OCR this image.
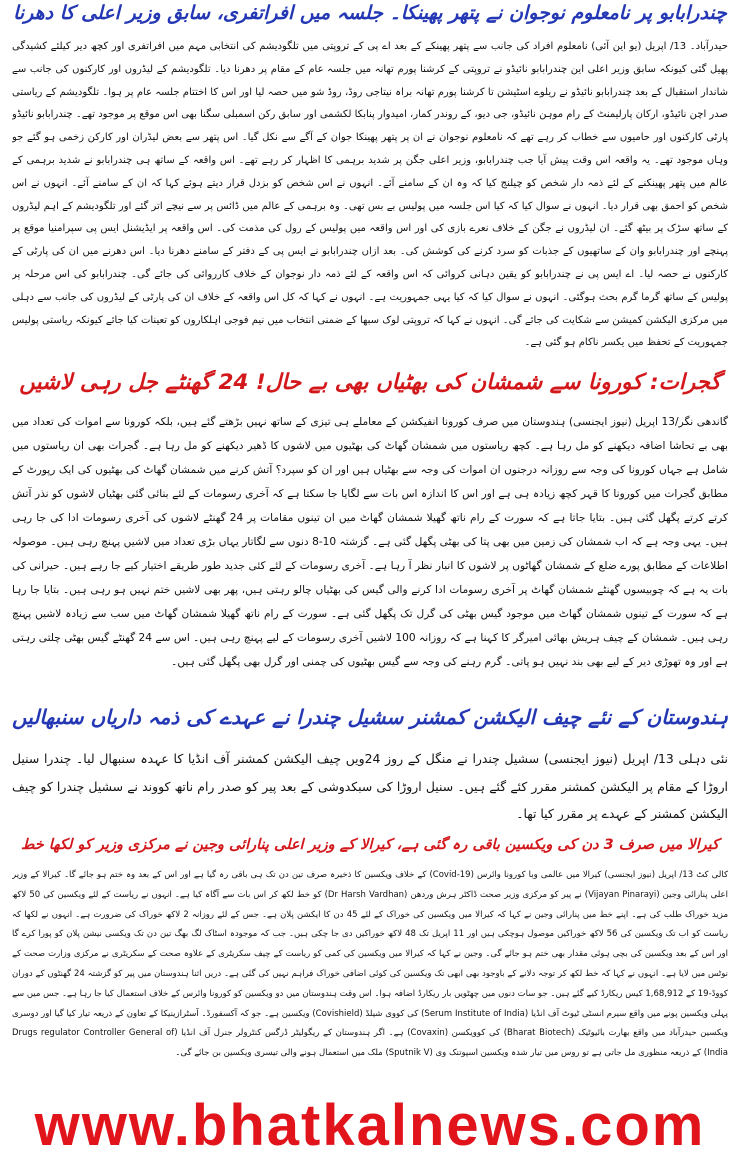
چندرابابو پر نامعلوم نوجوان نے پتھر پھینکا۔ جلسہ میں افراتفری، سابق وزیر اعلی کا دھرنا

حیدرآباد۔ 13/ اپریل (یو این آئی) نامعلوم افراد کی جانب سے پتھر پھینکے کے بعد اے پی کے تروپتی میں تلگودیشم کی انتخابی مہم میں افراتفری اور کچھ دیر کیلئے کشیدگی پھیل گئی کیونکہ سابق وزیر اعلی این چندرابابو نائیڈو نے تروپتی کے کرشنا پورم تھانہ میں جلسہ عام کے مقام پر دھرنا دیا۔ تلگودیشم کے لیڈروں اور کارکنوں کی جانب سے شاندار استقبال کے بعد چندرابابو نائیڈو نے ریلوے اسٹیشن تا کرشنا پورم تھانہ براہ نیتاجی روڈ، روڈ شو میں حصہ لیا اور اس کا اختتام جلسہ عام پر ہوا۔ تلگودیشم کے ریاستی صدر اچن نائیڈو، ارکان پارلیمنٹ کے رام موہن نائیڈو، جی دیو، کے روندر کمار، امیدوار پنابکا لکشمی اور سابق رکن اسمبلی سگنا بھی اس موقع پر موجود تھے۔ چندرابابو نائیڈو پارٹی کارکنوں اور حامیوں سے خطاب کر رہے تھے کہ نامعلوم نوجوان نے ان پر پتھر پھینکا جوان کے آگے سے نکل گیا۔ اس پتھر سے بعض لیڈران اور کارکن زخمی ہو گئے جو وہاں موجود تھے۔ یہ واقعہ اس وقت پیش آیا جب چندرابابو، وزیر اعلی جگن پر شدید برہمی کا اظہار کر رہے تھے۔ اس واقعہ کے ساتھ ہی چندرابابو نے شدید برہمی کے عالم میں پتھر پھینکنے کے لئے ذمہ دار شخص کو چیلنج کیا کہ وہ ان کے سامنے آئے۔ انہوں نے اس شخص کو بزدل قرار دیتے ہوئے کہا کہ ان کے سامنے آئے۔ انہوں نے اس شخص کو احمق بھی قرار دیا۔ انہوں نے سوال کیا کہ کیا اس جلسہ میں پولیس بے بس تھی۔ وہ برہمی کے عالم میں ڈائس پر سے نیچے اتر گئے اور تلگودیشم کے اہم لیڈروں کے ساتھ سڑک پر بیٹھ گئے۔ ان لیڈروں نے جگن کے خلاف نعرے بازی کی اور اس واقعہ میں پولیس کے رول کی مذمت کی۔ اس واقعہ پر ایڈیشنل ایس پی سپرامنیا موقع پر پہنچے اور چندرابابو وان کے ساتھیوں کے جذبات کو سرد کرنے کی کوشش کی۔ بعد ازاں چندرابابو نے ایس پی کے دفتر کے سامنے دھرنا دیا۔ اس دھرنے میں ان کی پارٹی کے کارکنوں نے حصہ لیا۔ اے ایس پی نے چندرابابو کو یقین دہانی کروائی کہ اس واقعہ کے لئے ذمہ دار نوجوان کے خلاف کارروائی کی جائے گی۔ چندرابابو کی اس مرحلہ پر پولیس کے ساتھ گرما گرم بحث ہوگئی۔ انہوں نے سوال کیا کہ کیا یہی جمہوریت ہے۔ انہوں نے کہا کہ کل اس واقعہ کے خلاف ان کی پارٹی کے لیڈروں کی جانب سے دہلی میں مرکزی الیکشن کمیشن سے شکایت کی جائے گی۔ انہوں نے کہا کہ تروپتی لوک سبھا کے ضمنی انتخاب میں نیم فوجی اہلکاروں کو تعینات کیا جائے کیونکہ ریاستی پولیس جمہوریت کے تحفظ میں یکسر ناکام ہو گئی ہے۔

گجرات: کورونا سے شمشان کی بھٹیاں بھی بے حال! 24 گھنٹے جل رہی لاشیں

گاندھی نگر/13 اپریل (نیوز ایجنسی) ہندوستان میں صرف کورونا انفیکشن کے معاملے ہی تیزی کے ساتھ نہیں بڑھتے گئے ہیں، بلکہ کورونا سے اموات کی تعداد میں بھی بے تحاشا اضافہ دیکھنے کو مل رہا ہے۔ کچھ ریاستوں میں شمشان گھاٹ کی بھٹیوں میں لاشوں کا ڈھیر دیکھنے کو مل رہا ہے۔ گجرات بھی ان ریاستوں میں شامل ہے جہاں کورونا کی وجہ سے روزانہ درجنوں ان اموات کی وجہ سے بھٹیاں ہیں اور ان کو سپرد؟ آتش کرنے میں شمشان گھاٹ کی بھٹیوں کی ایک رپورٹ کے مطابق گجرات میں کورونا کا قہر کچھ زیادہ ہی ہے اور اس کا اندازہ اس بات سے لگایا جا سکتا ہے کہ آخری رسومات کے لئے بنائی گئی بھٹیاں لاشوں کو نذر آتش کرتے کرتے پگھل گئی ہیں۔ بتایا جاتا ہے کہ سورت کے رام ناتھ گھیلا شمشان گھاٹ میں ان تینوں مقامات پر 24 گھنٹے لاشوں کی آخری رسومات ادا کی جا رہی ہیں۔ یہی وجہ ہے کہ اب شمشان کی زمین میں بھی پتا کی بھٹی پگھل گئی ہے۔ گزشتہ 10-8 دنوں سے لگاتار یہاں بڑی تعداد میں لاشیں پہنچ رہی ہیں۔ موصولہ اطلاعات کے مطابق پورے ضلع کے شمشان گھاٹوں پر لاشوں کا انبار نظر آ رہا ہے۔ آخری رسومات کے لئے کئی جدید طور طریقے اختیار کیے جا رہے ہیں۔ حیرانی کی بات یہ ہے کہ چوبیسوں گھنٹے شمشان گھاٹ پر آخری رسومات ادا کرنے والی گیس کی بھٹیاں چالو رہتی ہیں، پھر بھی لاشیں ختم نہیں ہو رہی ہیں۔ بتایا جا رہا ہے کہ سورت کے تینوں شمشان گھاٹ میں موجود گیس بھٹی کی گرل تک پگھل گئی ہے۔ سورت کے رام ناتھ گھیلا شمشان گھاٹ میں سب سے زیادہ لاشیں پہنچ رہی ہیں۔ شمشان کے چیف ہریش بھائی امیرگر کا کہنا ہے کہ روزانہ 100 لاشیں آخری رسومات کے لیے پہنچ رہی ہیں۔ اس سے 24 گھنٹے گیس بھٹی چلتی رہتی ہے اور وہ تھوڑی دیر کے لیے بھی بند نہیں ہو پاتی۔ گرم رہنے کی وجہ سے گیس بھٹیوں کی چمنی اور گرل بھی پگھل گئی ہیں۔

ہندوستان کے نئے چیف الیکشن کمشنر سشیل چندرا نے عہدے کی ذمہ داریاں سنبھالیں

نئی دہلی 13/ اپریل (نیوز ایجنسی) سشیل چندرا نے منگل کے روز 24ویں چیف الیکشن کمشنر آف انڈیا کا عہدہ سنبھال لیا۔ چندرا سنیل اروڑا کے مقام پر الیکشن کمشنر مقرر کئے گئے ہیں۔ سنیل اروڑا کی سبکدوشی کے بعد پیر کو صدر رام ناتھ کووند نے سشیل چندرا کو چیف الیکشن کمشنر کے عہدے پر مقرر کیا تھا۔

کیرالا میں صرف 3 دن کی ویکسین باقی رہ گئی ہے، کیرالا کے وزیر اعلی پنارائی وجین نے مرکزی وزیر کو لکھا خط

کالی کٹ 13/ اپریل (نیوز ایجنسی) کیرالا میں عالمی وبا کورونا وائرس (Covid-19) کے خلاف ویکسین کا ذخیرہ صرف تین دن تک ہی باقی رہ گیا ہے اور اس کے بعد وہ ختم ہو جائے گا۔ کیرالا کے وزیر اعلی پنارائی وجین (Vijayan Pinarayi) نے پیر کو مرکزی وزیر صحت ڈاکٹر ہرش وردھن (Dr Harsh Vardhan) کو خط لکھ کر اس بات سے آگاہ کیا ہے۔ انہوں نے ریاست کے لئے ویکسین کی 50 لاکھ مزید خوراک طلب کی ہے۔ اپنے خط میں پنارائی وجین نے کہا کہ کیرالا میں ویکسین کی خوراک کے لئے 45 دن کا ایکشن پلان ہے۔ جس کے لئے روزانہ 2 لاکھ خوراک کی ضرورت ہے۔ انہوں نے لکھا کہ ریاست کو اب تک ویکسین کی 56 لاکھ خوراکیں موصول ہوچکی ہیں اور 11 اپریل تک 48 لاکھ خوراکیں دی جا چکی ہیں۔ جب کہ موجودہ اسٹاک لگ بھگ تین دن تک ویکسی نیشن پلان کو پورا کرے گا اور اس کے بعد ویکسین کی بچی ہوئی مقدار بھی ختم ہو جائے گی۔ وجین نے کہا کہ کیرالا میں ویکسین کی کمی کو ریاست کے چیف سکریٹری کے علاوہ صحت کے سکریٹری نے مرکزی وزارت صحت کے نوٹس میں لایا ہے۔ انہوں نے کہا کہ خط لکھ کر توجہ دلانے کے باوجود بھی ابھی تک ویکسین کی کوئی اضافی خوراک فراہم نہیں کی گئی ہے۔ دریں اثنا ہندوستان میں پیر کو گزشتہ 24 گھنٹوں کے دوران کووڈ-19 کے 1,68,912 کیس ریکارڈ کیے گئے ہیں۔ جو سات دنوں میں چھٹویں بار ریکارڈ اضافہ ہوا۔ اس وقت ہندوستان میں دو ویکسین کو کورونا وائرس کے خلاف استعمال کیا جا رہا ہے۔ جس میں سے پہلی ویکسین پونے میں واقع سیرم انسٹی ٹیوٹ آف انڈیا (Serum Institute of India) کی کووی شیلڈ (Covishield) ویکسین ہے۔ جو کہ آکسفورڈ۔ آسٹرازینیکا کے تعاون کے ذریعہ تیار کیا گیا اور دوسری ویکسین حیدرآباد میں واقع بھارت بائیوٹیک (Bharat Biotech) کی کوویکسن (Covaxin) ہے۔ اگر ہندوستان کے ریگولیٹر ڈرگس کنٹرولر جنرل آف انڈیا (Drugs regulator Controller General of India) کے ذریعہ منظوری مل جاتی ہے تو روس میں تیار شدہ ویکسین اسپوتنک وی (Sputnik V) ملک میں استعمال ہونے والی تیسری ویکسین بن جائے گی۔

www.bhatkalnews.com
